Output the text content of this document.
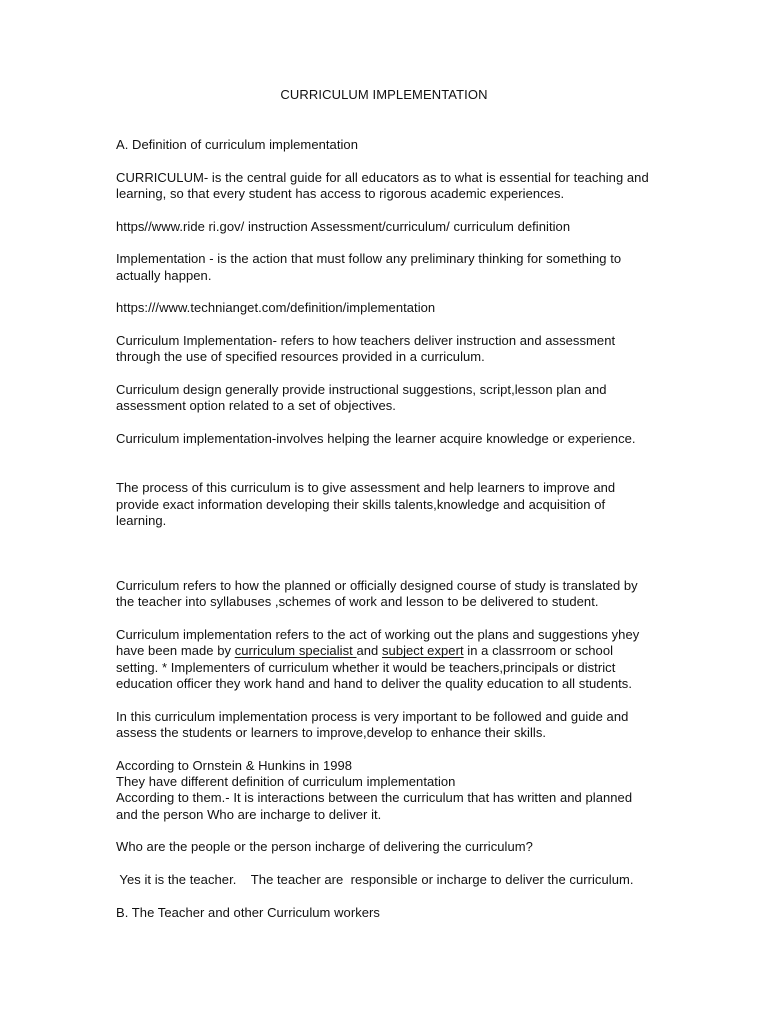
CURRICULUM IMPLEMENTATION

A. Definition of curriculum implementation

CURRICULUM- is the central guide for all educators as to what is essential for teaching and learning, so that every student has access to rigorous academic experiences.

https//www.ride ri.gov/ instruction Assessment/curriculum/ curriculum definition

Implementation - is the action that must follow any preliminary thinking for something to actually happen.

https:///www.technianget.com/definition/implementation

Curriculum Implementation- refers to how teachers deliver instruction and assessment through the use of specified resources provided in a curriculum.

Curriculum design generally provide instructional suggestions, script,lesson plan and assessment option related to a set of objectives.

Curriculum implementation-involves helping the learner acquire knowledge or experience.

The process of this curriculum is to give assessment and help learners to improve and provide exact information developing their skills talents,knowledge and acquisition of learning.

Curriculum refers to how the planned or officially designed course of study is translated by the teacher into syllabuses ,schemes of work and lesson to be delivered to student.

Curriculum implementation refers to the act of working out the plans and suggestions yhey have been made by curriculum specialist and subject expert in a classrroom or school setting. * Implementers of curriculum whether it would be teachers,principals or district education officer they work hand and hand to deliver the quality education to all students.

In this curriculum implementation process is very important to be followed and guide and assess the students or learners to improve,develop to enhance their skills.

According to Ornstein & Hunkins in 1998

They have different definition of curriculum implementation

According to them.- It is interactions between the curriculum that has written and planned and the person Who are incharge to deliver it.

Who are the people or the person incharge of delivering the curriculum?

Yes it is the teacher.    The teacher are  responsible or incharge to deliver the curriculum.

B. The Teacher and other Curriculum workers
